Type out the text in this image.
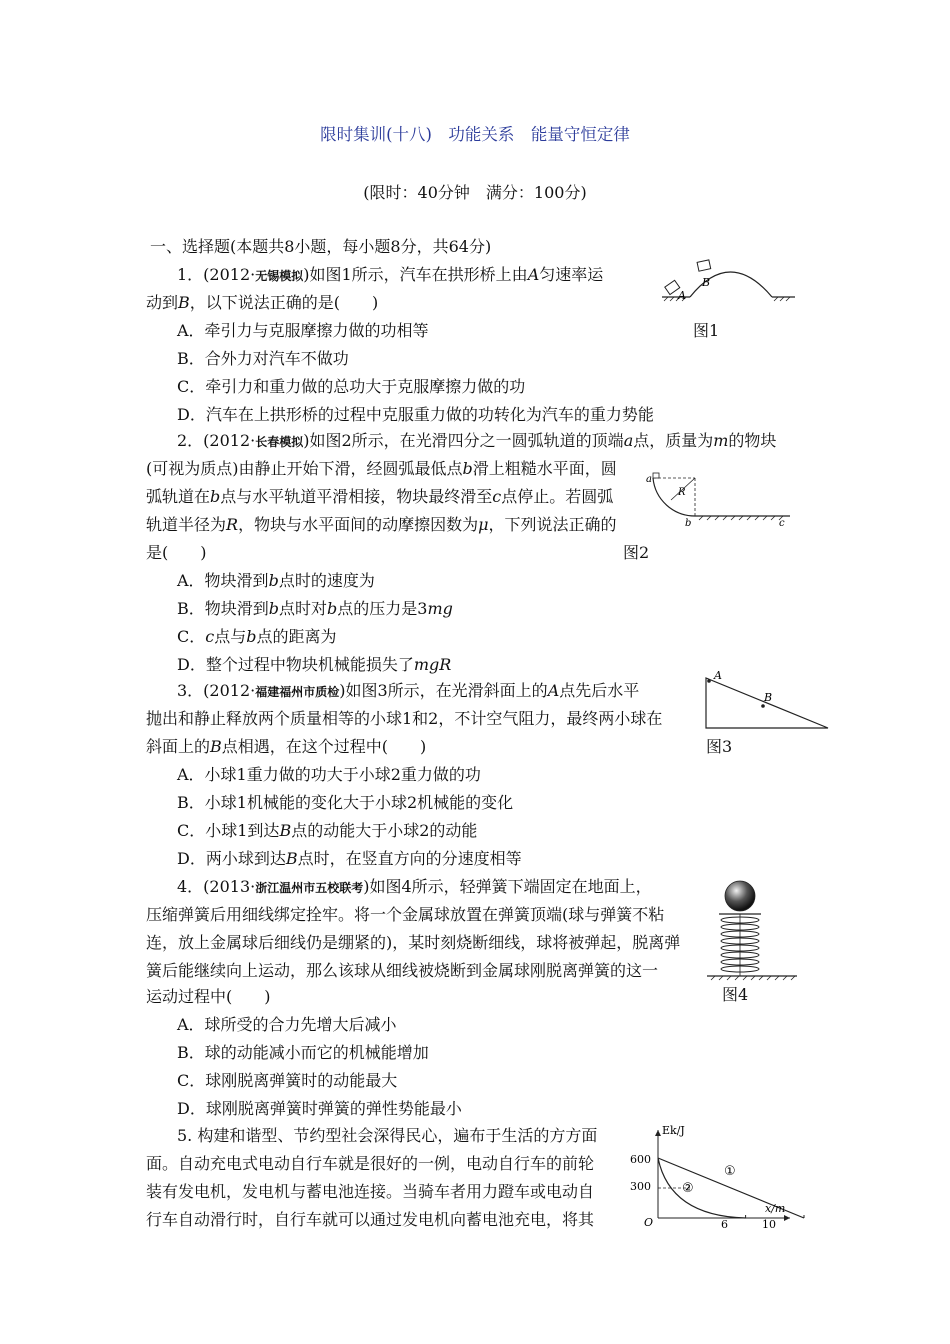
限时集训(十八)　功能关系　能量守恒定律
(限时：40分钟　满分：100分)
一、选择题(本题共8小题，每小题8分，共64分)
1．(2012·无锡模拟)如图1所示，汽车在拱形桥上由A匀速率运
动到B，以下说法正确的是(　　)
A．牵引力与克服摩擦力做的功相等
B．合外力对汽车不做功
C．牵引力和重力做的总功大于克服摩擦力做的功
D．汽车在上拱形桥的过程中克服重力做的功转化为汽车的重力势能
A
B
图1
2．(2012·长春模拟)如图2所示，在光滑四分之一圆弧轨道的顶端a点，质量为m的物块
(可视为质点)由静止开始下滑，经圆弧最低点b滑上粗糙水平面，圆
弧轨道在b点与水平轨道平滑相接，物块最终滑至c点停止。若圆弧
轨道半径为R，物块与水平面间的动摩擦因数为μ，下列说法正确的
是(　　)
A．物块滑到b点时的速度为
B．物块滑到b点时对b点的压力是3mg
C．c点与b点的距离为
D．整个过程中物块机械能损失了mgR
a
R
b	c
图2
3．(2012·福建福州市质检)如图3所示，在光滑斜面上的A点先后水平
抛出和静止释放两个质量相等的小球1和2，不计空气阻力，最终两小球在
斜面上的B点相遇，在这个过程中(　　)
A．小球1重力做的功大于小球2重力做的功
B．小球1机械能的变化大于小球2机械能的变化
C．小球1到达B点的动能大于小球2的动能
D．两小球到达B点时，在竖直方向的分速度相等
A
B
图3
4．(2013·浙江温州市五校联考)如图4所示，轻弹簧下端固定在地面上，
压缩弹簧后用细线绑定拴牢。将一个金属球放置在弹簧顶端(球与弹簧不粘
连，放上金属球后细线仍是绷紧的)，某时刻烧断细线，球将被弹起，脱离弹
簧后能继续向上运动，那么该球从细线被烧断到金属球刚脱离弹簧的这一
运动过程中(　　)
A．球所受的合力先增大后减小
B．球的动能减小而它的机械能增加
C．球刚脱离弹簧时的动能最大
D．球刚脱离弹簧时弹簧的弹性势能最小
图4
5. 构建和谐型、节约型社会深得民心，遍布于生活的方方面
面。自动充电式电动自行车就是很好的一例，电动自行车的前轮
装有发电机，发电机与蓄电池连接。当骑车者用力蹬车或电动自
行车自动滑行时，自行车就可以通过发电机向蓄电池充电，将其
Ek/J
x/m
O
600
300
6	10
①
②
